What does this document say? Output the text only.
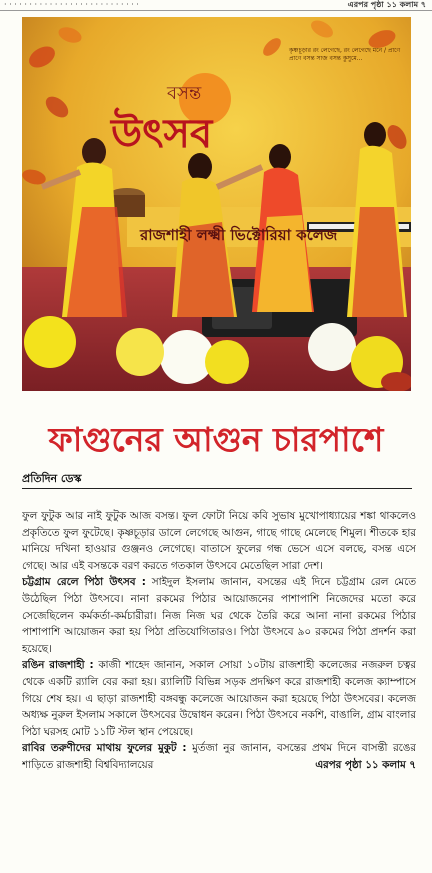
· · · · · · · · · · · · · · · · · · · · · · · · · · ·	এরপর পৃষ্ঠা ১১ কলাম ৭
বসন্ত
উৎসব
কৃষ্ণচূড়ার রং লেগেছে, রং লেগেছে মনে / প্রাণে প্রাণে বসন্ত সাজ বসন্ত কুসুমে...
রাজশাহী লক্ষ্মী ভিক্টোরিয়া কলেজ
ফাগুনের আগুন চারপাশে
প্রতিদিন ডেস্ক

ফুল ফুটুক আর নাই ফুটুক আজ বসন্ত। ফুল ফোটা নিয়ে কবি সুভাষ মুখোপাধ্যায়ের শঙ্কা থাকলেও প্রকৃতিতে ফুল ফুটেছে। কৃষ্ণচূড়ার ডালে লেগেছে আগুন, গাছে গাছে মেলেছে শিমুল। শীতকে হার মানিয়ে দখিনা হাওয়ার গুঞ্জনও লেগেছে। বাতাসে ফুলের গন্ধ ভেসে এসে বলছে, বসন্ত এসে গেছে। আর এই বসন্তকে বরণ করতে গতকাল উৎসবে মেতেছিল সারা দেশ।

চট্টগ্রাম রেলে পিঠা উৎসব : সাইদুল ইসলাম জানান, বসন্তের এই দিনে চট্টগ্রাম রেল মেতে উঠেছিল পিঠা উৎসবে। নানা রকমের পিঠার আয়োজনের পাশাপাশি নিজেদের মতো করে সেজেছিলেন কর্মকর্তা-কর্মচারীরা। নিজ নিজ ঘর থেকে তৈরি করে আনা নানা রকমের পিঠার পাশাপাশি আয়োজন করা হয় পিঠা প্রতিযোগিতারও। পিঠা উৎসবে ৯০ রকমের পিঠা প্রদর্শন করা হয়েছে।

রঙিন রাজশাহী : কাজী শাহেদ জানান, সকাল সোয়া ১০টায় রাজশাহী কলেজের নজরুল চত্বর থেকে একটি র‍্যালি বের করা হয়। র‍্যালিটি বিভিন্ন সড়ক প্রদক্ষিণ করে রাজশাহী কলেজ ক্যাম্পাসে গিয়ে শেষ হয়। এ ছাড়া রাজশাহী বঙ্গবন্ধু কলেজে আয়োজন করা হয়েছে পিঠা উৎসবের। কলেজ অধ্যক্ষ নুরুল ইসলাম সকালে উৎসবের উদ্বোধন করেন। পিঠা উৎসবে নকশি, বাঙালি, গ্রাম বাংলার পিঠা ঘরসহ মোট ১১টি স্টল স্থান পেয়েছে।

রাবির তরুণীদের মাথায় ফুলের মুকুট : মুর্তজা নুর জানান, বসন্তের প্রথম দিনে বাসন্তী রঙের শাড়িতে রাজশাহী বিশ্ববিদ্যালয়ের	এরপর পৃষ্ঠা ১১ কলাম ৭
